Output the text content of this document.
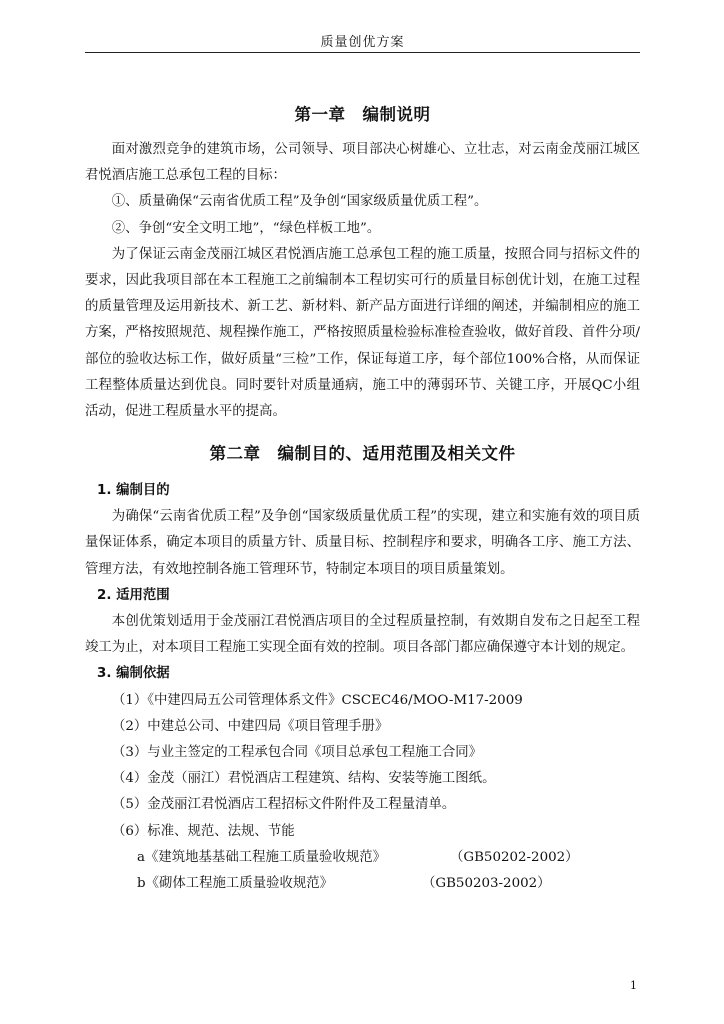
质量创优方案
第一章　编制说明

面对激烈竞争的建筑市场，公司领导、项目部决心树雄心、立壮志，对云南金茂丽江城区君悦酒店施工总承包工程的目标：

①、质量确保“云南省优质工程”及争创“国家级质量优质工程”。

②、争创“安全文明工地”，“绿色样板工地”。

为了保证云南金茂丽江城区君悦酒店施工总承包工程的施工质量，按照合同与招标文件的要求，因此我项目部在本工程施工之前编制本工程切实可行的质量目标创优计划，在施工过程的质量管理及运用新技术、新工艺、新材料、新产品方面进行详细的阐述，并编制相应的施工方案，严格按照规范、规程操作施工，严格按照质量检验标准检查验收，做好首段、首件分项/部位的验收达标工作，做好质量“三检”工作，保证每道工序，每个部位100%合格，从而保证工程整体质量达到优良。同时要针对质量通病，施工中的薄弱环节、关键工序，开展QC小组活动，促进工程质量水平的提高。

第二章　编制目的、适用范围及相关文件

1. 编制目的

为确保“云南省优质工程”及争创“国家级质量优质工程”的实现，建立和实施有效的项目质量保证体系，确定本项目的质量方针、质量目标、控制程序和要求，明确各工序、施工方法、管理方法，有效地控制各施工管理环节，特制定本项目的项目质量策划。

2. 适用范围

本创优策划适用于金茂丽江君悦酒店项目的全过程质量控制，有效期自发布之日起至工程竣工为止，对本项目工程施工实现全面有效的控制。项目各部门都应确保遵守本计划的规定。

3. 编制依据

（1）《中建四局五公司管理体系文件》CSCEC46/MOO-M17-2009

（2）中建总公司、中建四局《项目管理手册》

（3）与业主签定的工程承包合同《项目总承包工程施工合同》

（4）金茂（丽江）君悦酒店工程建筑、结构、安装等施工图纸。

（5）金茂丽江君悦酒店工程招标文件附件及工程量清单。

（6）标准、规范、法规、节能

a《建筑地基基础工程施工质量验收规范》	（GB50202-2002）

b《砌体工程施工质量验收规范》	（GB50203-2002）

1
